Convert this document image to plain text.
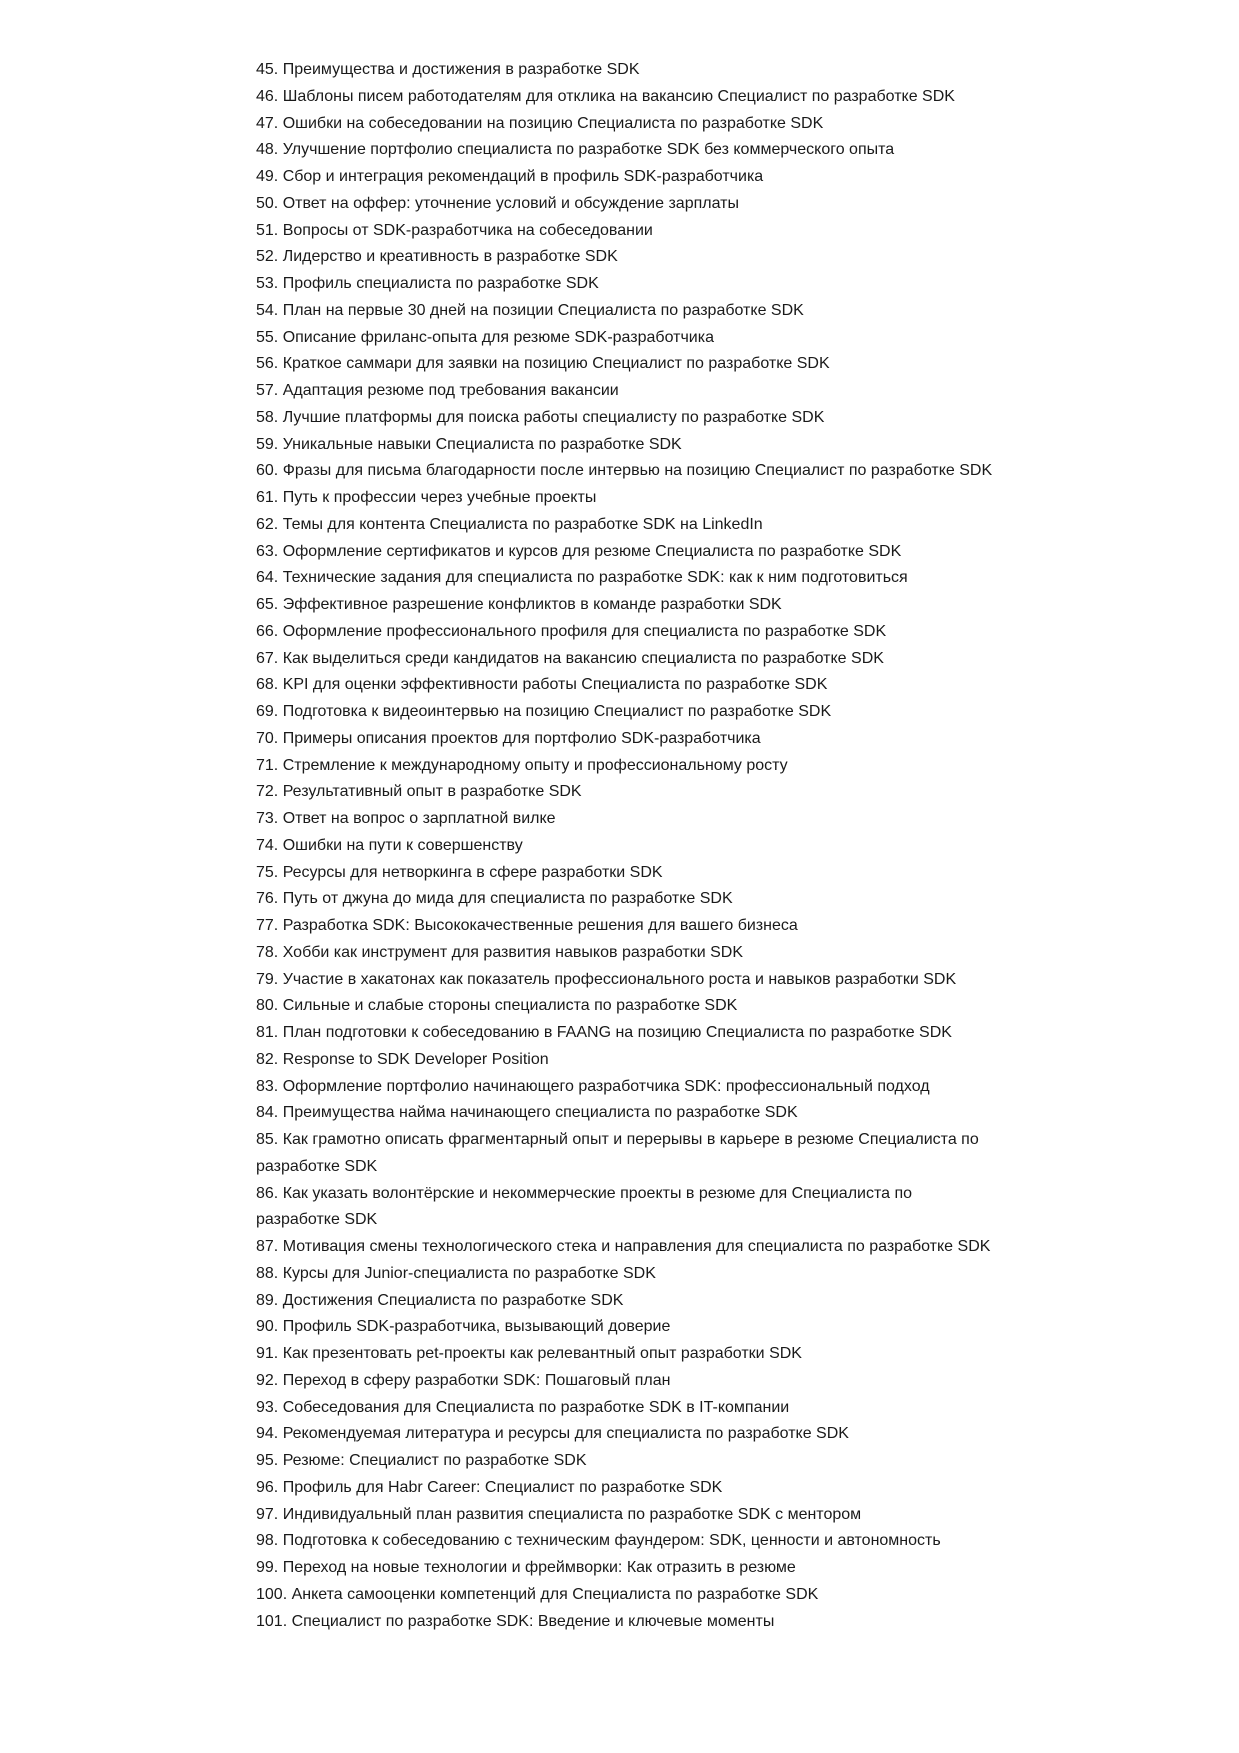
45. Преимущества и достижения в разработке SDK
46. Шаблоны писем работодателям для отклика на вакансию Специалист по разработке SDK
47. Ошибки на собеседовании на позицию Специалиста по разработке SDK
48. Улучшение портфолио специалиста по разработке SDK без коммерческого опыта
49. Сбор и интеграция рекомендаций в профиль SDK-разработчика
50. Ответ на оффер: уточнение условий и обсуждение зарплаты
51. Вопросы от SDK-разработчика на собеседовании
52. Лидерство и креативность в разработке SDK
53. Профиль специалиста по разработке SDK
54. План на первые 30 дней на позиции Специалиста по разработке SDK
55. Описание фриланс-опыта для резюме SDK-разработчика
56. Краткое саммари для заявки на позицию Специалист по разработке SDK
57. Адаптация резюме под требования вакансии
58. Лучшие платформы для поиска работы специалисту по разработке SDK
59. Уникальные навыки Специалиста по разработке SDK
60. Фразы для письма благодарности после интервью на позицию Специалист по разработке SDK
61. Путь к профессии через учебные проекты
62. Темы для контента Специалиста по разработке SDK на LinkedIn
63. Оформление сертификатов и курсов для резюме Специалиста по разработке SDK
64. Технические задания для специалиста по разработке SDK: как к ним подготовиться
65. Эффективное разрешение конфликтов в команде разработки SDK
66. Оформление профессионального профиля для специалиста по разработке SDK
67. Как выделиться среди кандидатов на вакансию специалиста по разработке SDK
68. KPI для оценки эффективности работы Специалиста по разработке SDK
69. Подготовка к видеоинтервью на позицию Специалист по разработке SDK
70. Примеры описания проектов для портфолио SDK-разработчика
71. Стремление к международному опыту и профессиональному росту
72. Результативный опыт в разработке SDK
73. Ответ на вопрос о зарплатной вилке
74. Ошибки на пути к совершенству
75. Ресурсы для нетворкинга в сфере разработки SDK
76. Путь от джуна до мида для специалиста по разработке SDK
77. Разработка SDK: Высококачественные решения для вашего бизнеса
78. Хобби как инструмент для развития навыков разработки SDK
79. Участие в хакатонах как показатель профессионального роста и навыков разработки SDK
80. Сильные и слабые стороны специалиста по разработке SDK
81. План подготовки к собеседованию в FAANG на позицию Специалиста по разработке SDK
82. Response to SDK Developer Position
83. Оформление портфолио начинающего разработчика SDK: профессиональный подход
84. Преимущества найма начинающего специалиста по разработке SDK
85. Как грамотно описать фрагментарный опыт и перерывы в карьере в резюме Специалиста по разработке SDK
86. Как указать волонтёрские и некоммерческие проекты в резюме для Специалиста по разработке SDK
87. Мотивация смены технологического стека и направления для специалиста по разработке SDK
88. Курсы для Junior-специалиста по разработке SDK
89. Достижения Специалиста по разработке SDK
90. Профиль SDK-разработчика, вызывающий доверие
91. Как презентовать pet-проекты как релевантный опыт разработки SDK
92. Переход в сферу разработки SDK: Пошаговый план
93. Собеседования для Специалиста по разработке SDK в IT-компании
94. Рекомендуемая литература и ресурсы для специалиста по разработке SDK
95. Резюме: Специалист по разработке SDK
96. Профиль для Habr Career: Специалист по разработке SDK
97. Индивидуальный план развития специалиста по разработке SDK с ментором
98. Подготовка к собеседованию с техническим фаундером: SDK, ценности и автономность
99. Переход на новые технологии и фреймворки: Как отразить в резюме
100. Анкета самооценки компетенций для Специалиста по разработке SDK
101. Специалист по разработке SDK: Введение и ключевые моменты
